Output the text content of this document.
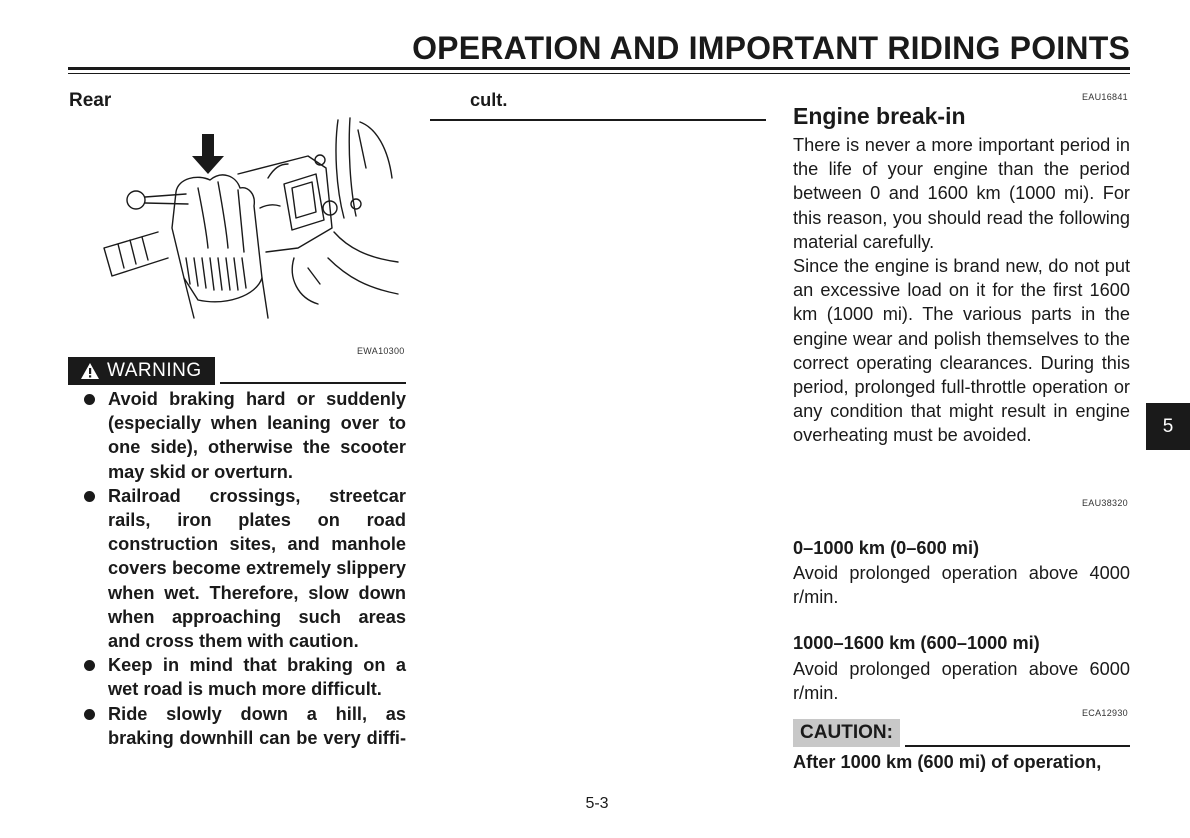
OPERATION AND IMPORTANT RIDING POINTS
Rear
EWA10300
WARNING
Avoid braking hard or suddenly (especially when leaning over to one side), otherwise the scooter may skid or overturn.
Railroad crossings, streetcar rails, iron plates on road construction sites, and manhole covers become extremely slippery when wet. Therefore, slow down when approaching such areas and cross them with caution.
Keep in mind that braking on a wet road is much more difficult.
Ride slowly down a hill, as braking downhill can be very diffi-
cult.	EAU16841
Engine break-in
There is never a more important period in the life of your engine than the period between 0 and 1600 km (1000 mi). For this reason, you should read the following material carefully.
Since the engine is brand new, do not put an excessive load on it for the first 1600 km (1000 mi). The various parts in the engine wear and polish themselves to the correct operating clearances. During this period, prolonged full-throttle operation or any condition that might result in engine overheating must be avoided.
EAU38320
0–1000 km (0–600 mi)
Avoid prolonged operation above 4000 r/min.
1000–1600 km (600–1000 mi)
Avoid prolonged operation above 6000 r/min.
ECA12930
CAUTION:
After 1000 km (600 mi) of operation,
5
5-3
